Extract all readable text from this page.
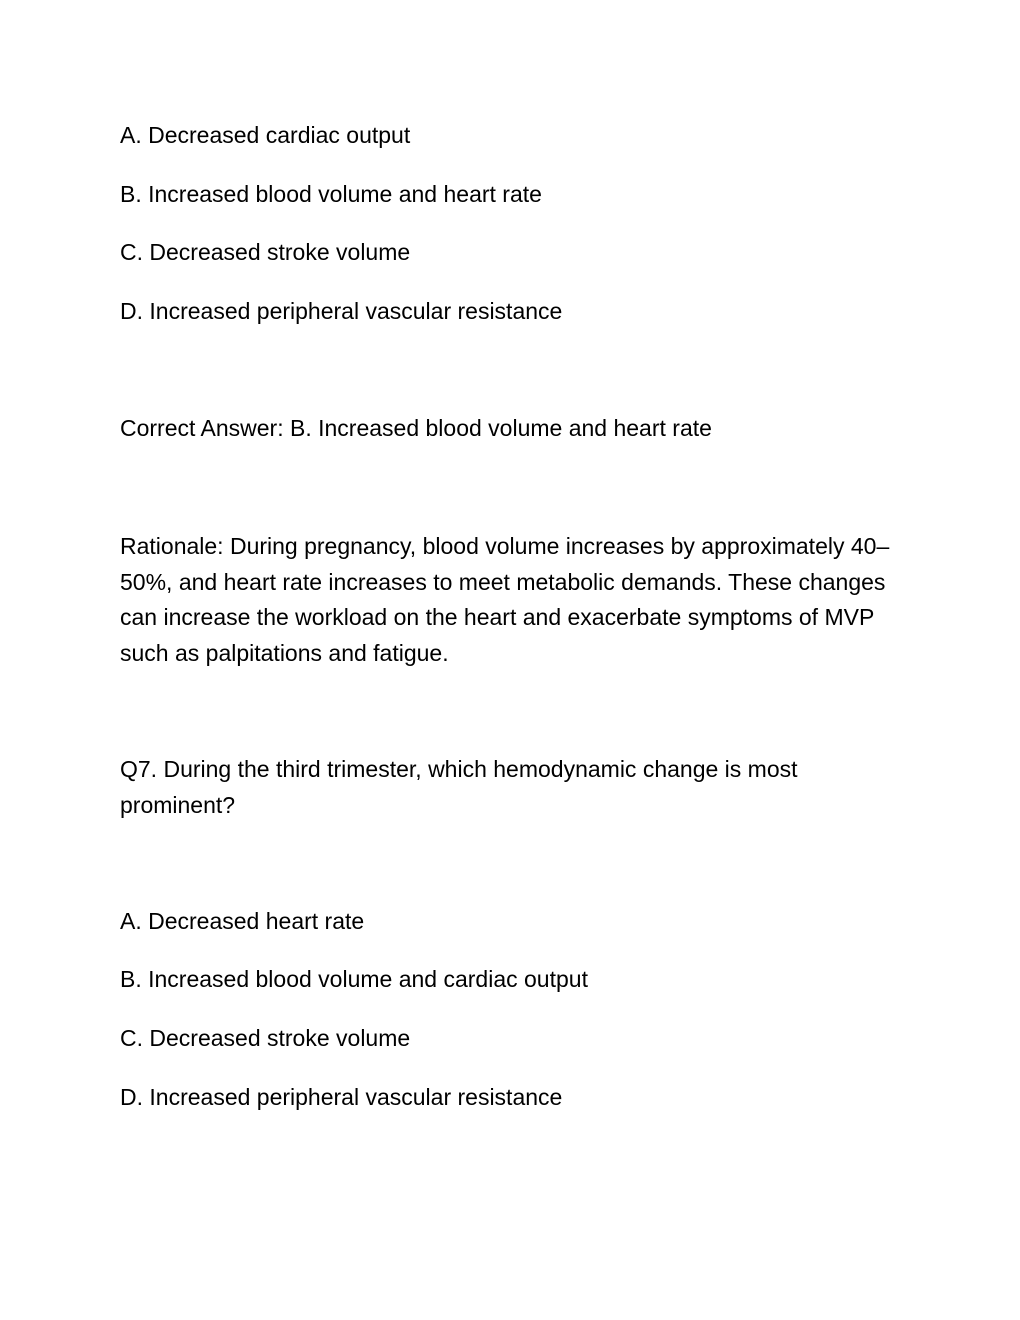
A. Decreased cardiac output

B. Increased blood volume and heart rate

C. Decreased stroke volume

D. Increased peripheral vascular resistance

Correct Answer: B. Increased blood volume and heart rate

Rationale: During pregnancy, blood volume increases by approximately 40–50%, and heart rate increases to meet metabolic demands. These changes can increase the workload on the heart and exacerbate symptoms of MVP such as palpitations and fatigue.

Q7. During the third trimester, which hemodynamic change is most prominent?

A. Decreased heart rate

B. Increased blood volume and cardiac output

C. Decreased stroke volume

D. Increased peripheral vascular resistance
